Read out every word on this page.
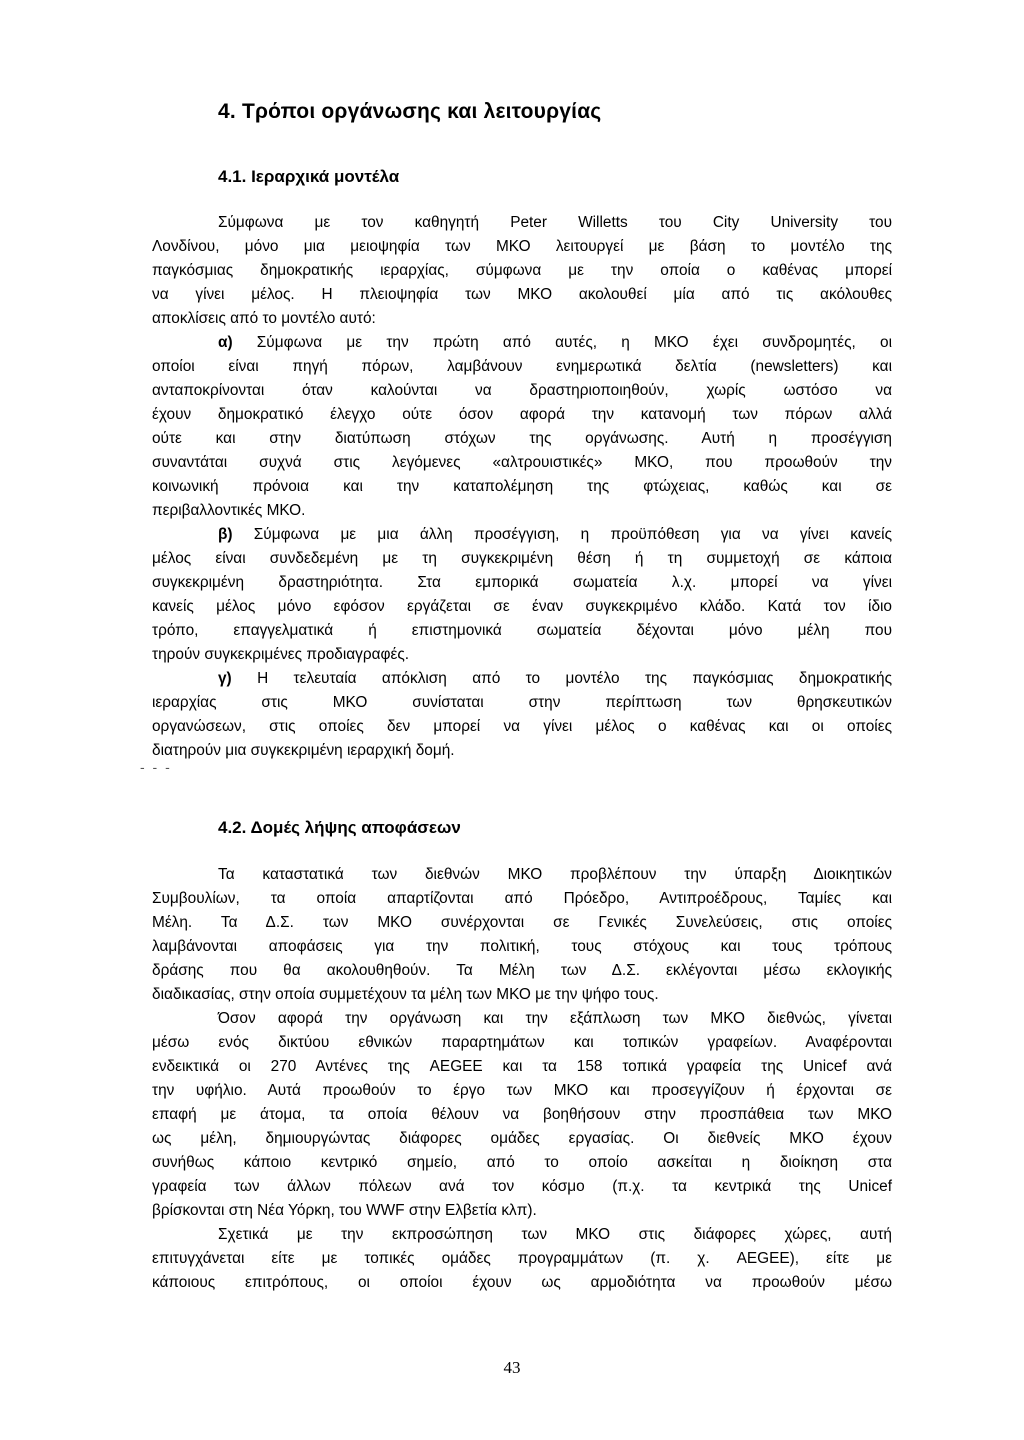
4. Τρόποι οργάνωσης και λειτουργίας
4.1. Ιεραρχικά μοντέλα
Σύμφωνα με τον καθηγητή Peter Willetts του City University του
Λονδίνου, μόνο μια μειοψηφία των ΜΚΟ λειτουργεί με βάση το μοντέλο της
παγκόσμιας δημοκρατικής ιεραρχίας, σύμφωνα με την οποία ο καθένας μπορεί
να γίνει μέλος. Η πλειοψηφία των ΜΚΟ ακολουθεί μία από τις ακόλουθες
αποκλίσεις από το μοντέλο αυτό:
α) Σύμφωνα με την πρώτη από αυτές, η ΜΚΟ έχει συνδρομητές, οι
οποίοι είναι πηγή πόρων, λαμβάνουν ενημερωτικά δελτία (newsletters) και
ανταποκρίνονται όταν καλούνται να δραστηριοποιηθούν, χωρίς ωστόσο να
έχουν δημοκρατικό έλεγχο ούτε όσον αφορά την κατανομή των πόρων αλλά
ούτε και στην διατύπωση στόχων της οργάνωσης. Αυτή η προσέγγιση
συναντάται συχνά στις λεγόμενες «αλτρουιστικές» ΜΚΟ, που προωθούν την
κοινωνική πρόνοια και την καταπολέμηση της φτώχειας, καθώς και σε
περιβαλλοντικές ΜΚΟ.
β) Σύμφωνα με μια άλλη προσέγγιση, η προϋπόθεση για να γίνει κανείς
μέλος είναι συνδεδεμένη με τη συγκεκριμένη θέση ή τη συμμετοχή σε κάποια
συγκεκριμένη δραστηριότητα. Στα εμπορικά σωματεία λ.χ. μπορεί να γίνει
κανείς μέλος μόνο εφόσον εργάζεται σε έναν συγκεκριμένο κλάδο. Κατά τον ίδιο
τρόπο, επαγγελματικά ή επιστημονικά σωματεία δέχονται μόνο μέλη που
τηρούν συγκεκριμένες προδιαγραφές.
γ) Η τελευταία απόκλιση από το μοντέλο της παγκόσμιας δημοκρατικής
ιεραρχίας στις ΜΚΟ συνίσταται στην περίπτωση των θρησκευτικών
οργανώσεων, στις οποίες δεν μπορεί να γίνει μέλος ο καθένας και οι οποίες
διατηρούν μια συγκεκριμένη ιεραρχική δομή.
- - -
4.2. Δομές λήψης αποφάσεων
Τα καταστατικά των διεθνών ΜΚΟ προβλέπουν την ύπαρξη Διοικητικών
Συμβουλίων, τα οποία απαρτίζονται από Πρόεδρο, Αντιπροέδρους, Ταμίες και
Μέλη. Τα Δ.Σ. των ΜΚΟ συνέρχονται σε Γενικές Συνελεύσεις, στις οποίες
λαμβάνονται αποφάσεις για την πολιτική, τους στόχους και τους τρόπους
δράσης που θα ακολουθηθούν. Τα Μέλη των Δ.Σ. εκλέγονται μέσω εκλογικής
διαδικασίας, στην οποία συμμετέχουν τα μέλη των ΜΚΟ με την ψήφο τους.
Όσον αφορά την οργάνωση και την εξάπλωση των ΜΚΟ διεθνώς, γίνεται
μέσω ενός δικτύου εθνικών παραρτημάτων και τοπικών γραφείων. Αναφέρονται
ενδεικτικά οι 270 Αντένες της AEGEE και τα 158 τοπικά γραφεία της Unicef ανά
την υφήλιο. Αυτά προωθούν το έργο των ΜΚΟ και προσεγγίζουν ή έρχονται σε
επαφή με άτομα, τα οποία θέλουν να βοηθήσουν στην προσπάθεια των ΜΚΟ
ως μέλη, δημιουργώντας διάφορες ομάδες εργασίας. Οι διεθνείς ΜΚΟ έχουν
συνήθως κάποιο κεντρικό σημείο, από το οποίο ασκείται η διοίκηση στα
γραφεία των άλλων πόλεων ανά τον κόσμο (π.χ. τα κεντρικά της Unicef
βρίσκονται στη Νέα Υόρκη, του WWF στην Ελβετία κλπ).
Σχετικά με την εκπροσώπηση των ΜΚΟ στις διάφορες χώρες, αυτή
επιτυγχάνεται είτε με τοπικές ομάδες προγραμμάτων (π. χ. AEGEE), είτε με
κάποιους επιτρόπους, οι οποίοι έχουν ως αρμοδιότητα να προωθούν μέσω
43
